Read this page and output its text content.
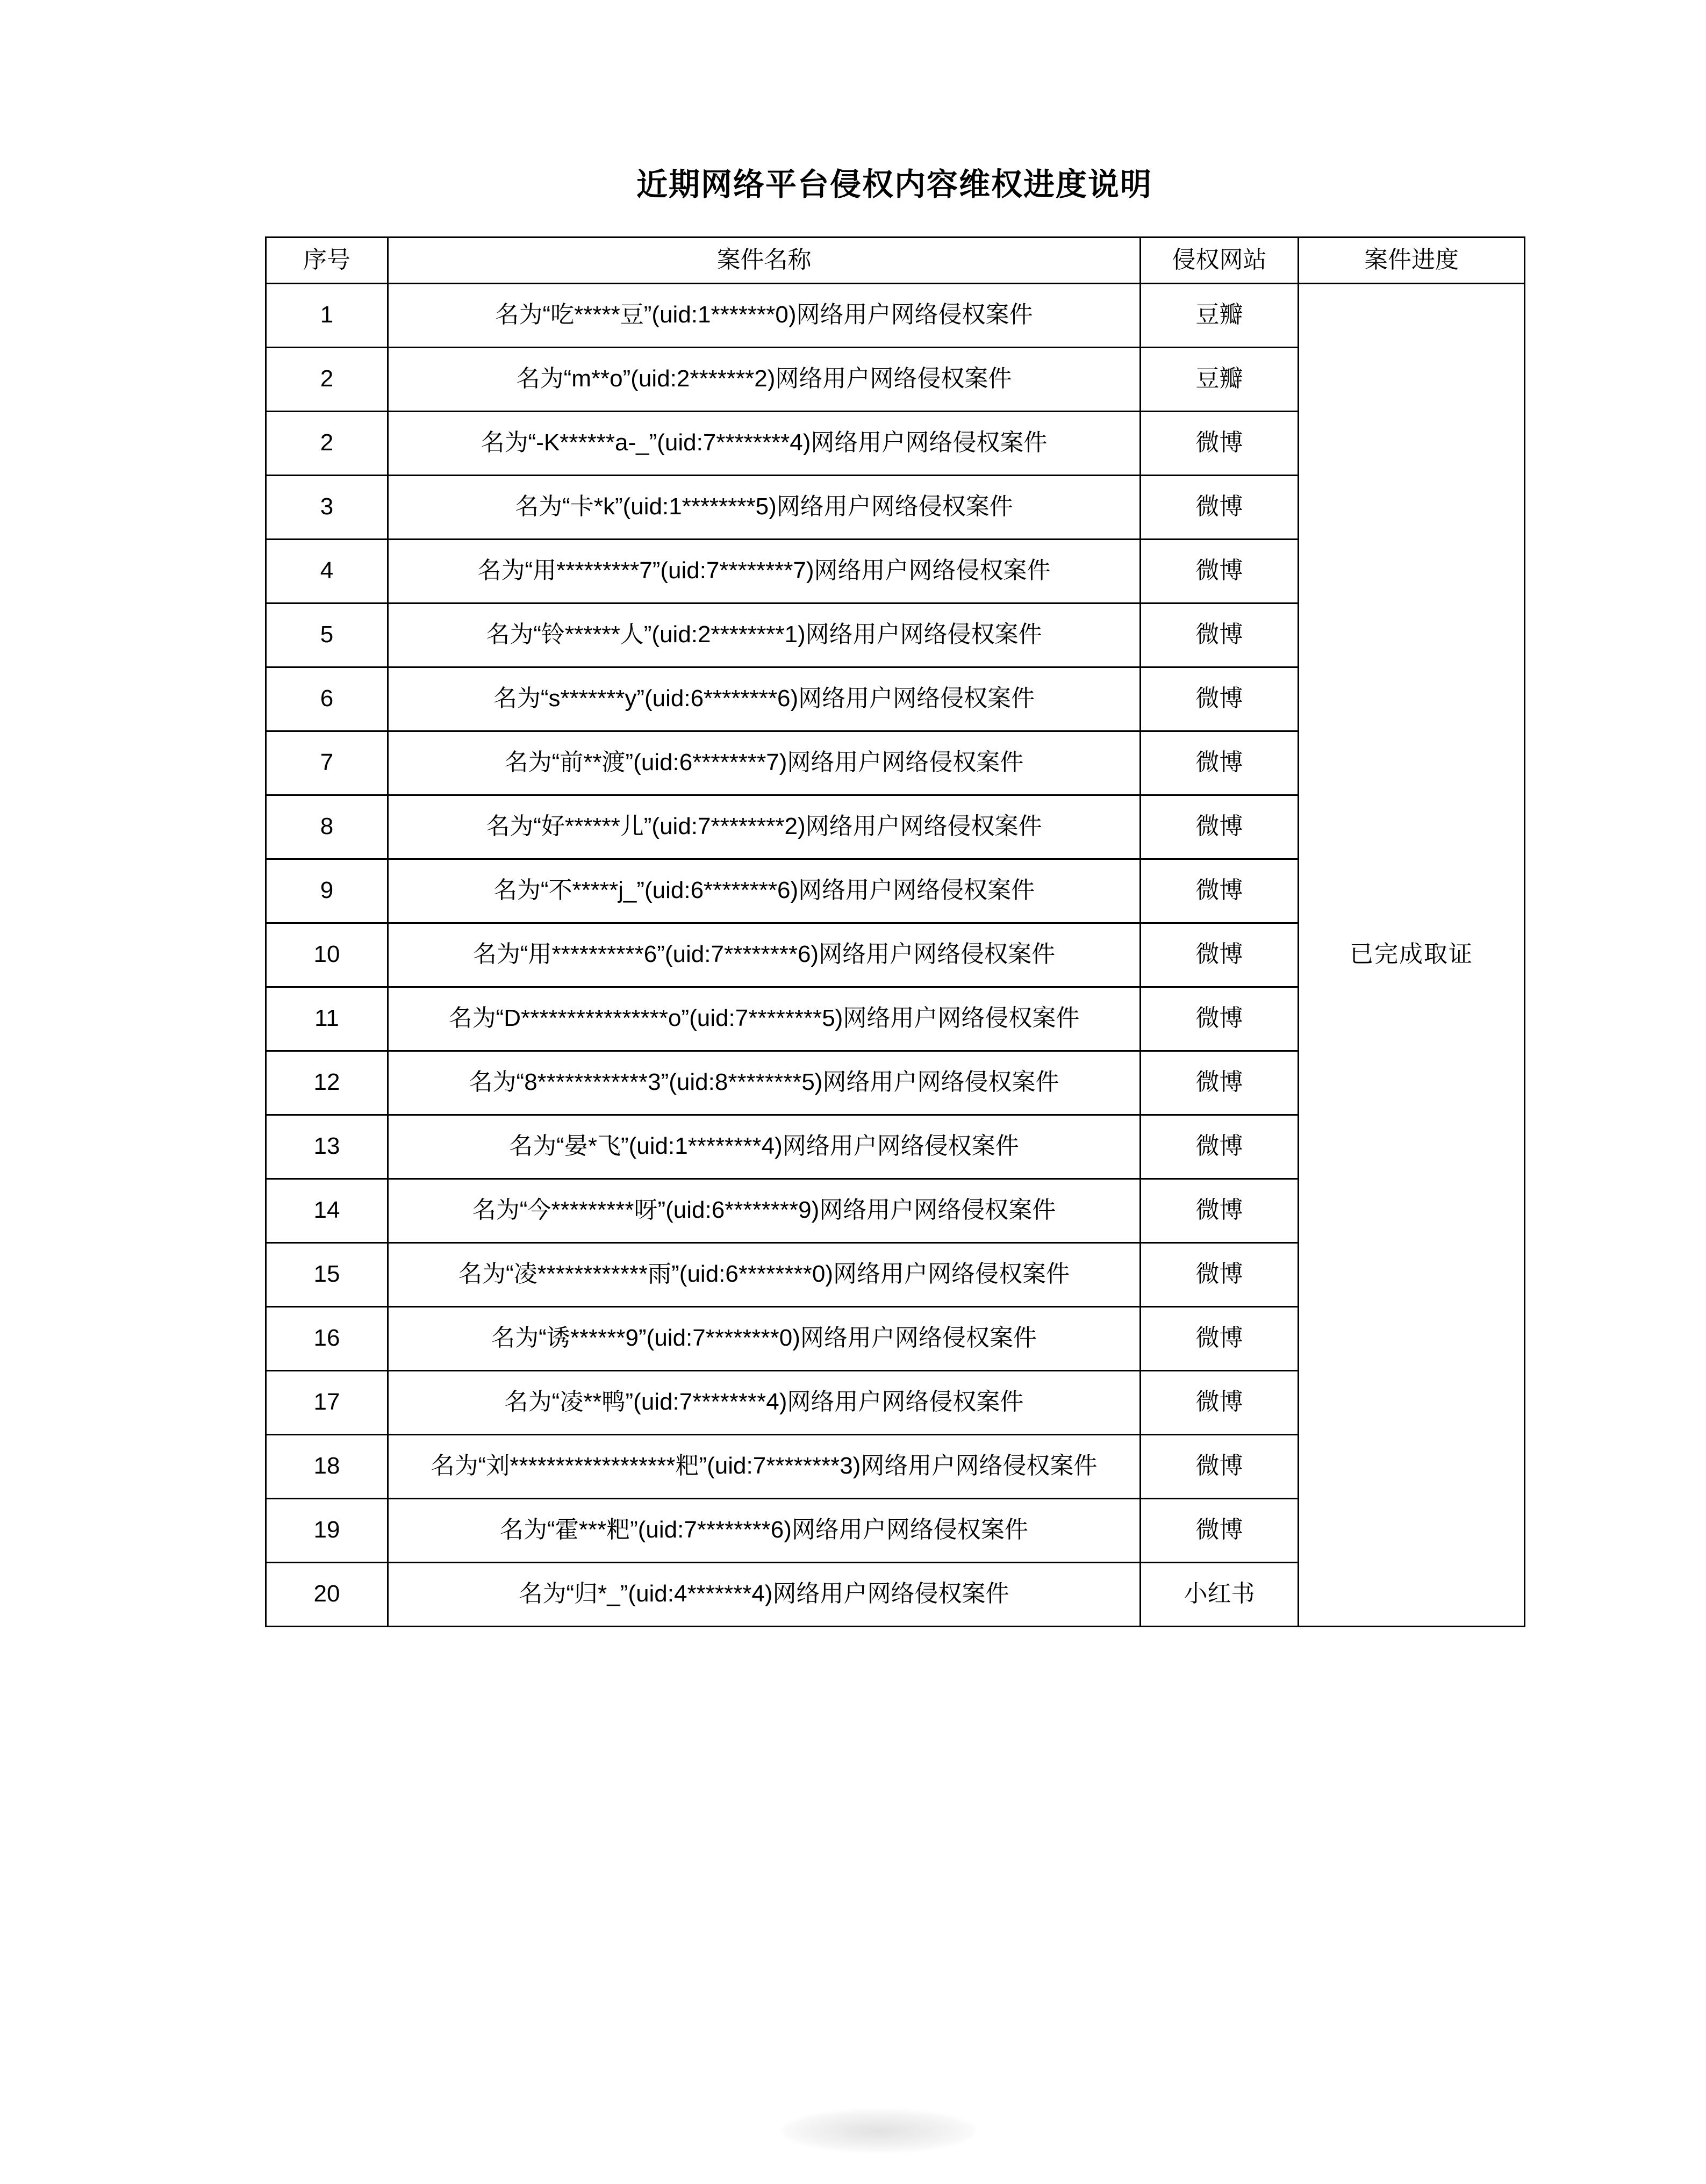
近期网络平台侵权内容维权进度说明
序号	案件名称	侵权网站	案件进度
1	名为“吃*****豆”(uid:1*******0)网络用户网络侵权案件	豆瓣	已完成取证
2	名为“m**o”(uid:2*******2)网络用户网络侵权案件	豆瓣	
2	名为“-K******a-_”(uid:7********4)网络用户网络侵权案件	微博	
3	名为“卡*k”(uid:1********5)网络用户网络侵权案件	微博	
4	名为“用*********7”(uid:7********7)网络用户网络侵权案件	微博	
5	名为“铃******人”(uid:2********1)网络用户网络侵权案件	微博	
6	名为“s*******y”(uid:6********6)网络用户网络侵权案件	微博	
7	名为“前**渡”(uid:6********7)网络用户网络侵权案件	微博	
8	名为“好******儿”(uid:7********2)网络用户网络侵权案件	微博	
9	名为“不*****j_”(uid:6********6)网络用户网络侵权案件	微博	
10	名为“用**********6”(uid:7********6)网络用户网络侵权案件	微博	
11	名为“D****************o”(uid:7********5)网络用户网络侵权案件	微博	
12	名为“8************3”(uid:8********5)网络用户网络侵权案件	微博	
13	名为“晏*飞”(uid:1********4)网络用户网络侵权案件	微博	
14	名为“今*********呀”(uid:6********9)网络用户网络侵权案件	微博	
15	名为“凌************雨”(uid:6********0)网络用户网络侵权案件	微博	
16	名为“诱******9”(uid:7********0)网络用户网络侵权案件	微博	
17	名为“凌**鸭”(uid:7********4)网络用户网络侵权案件	微博	
18	名为“刘******************粑”(uid:7********3)网络用户网络侵权案件	微博	
19	名为“霍***粑”(uid:7********6)网络用户网络侵权案件	微博	
20	名为“归*_”(uid:4*******4)网络用户网络侵权案件	小红书	
